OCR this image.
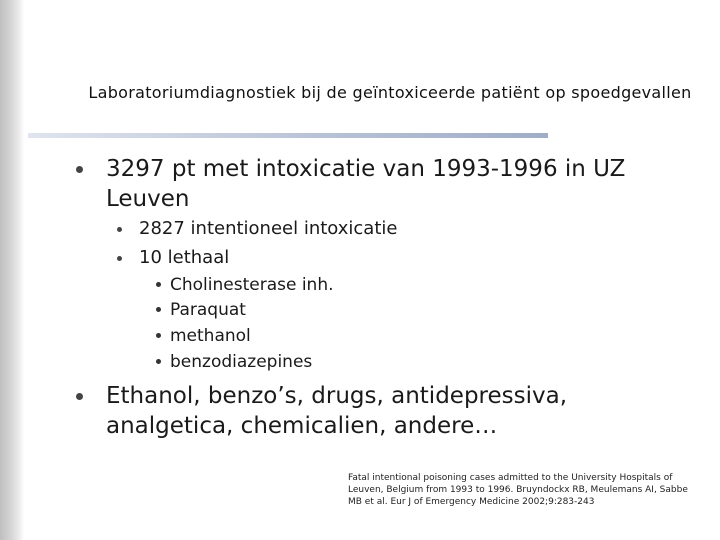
Laboratoriumdiagnostiek bij de geïntoxiceerde patiënt op spoedgevallen
3297 pt met intoxicatie van 1993-1996 in UZ Leuven
2827 intentioneel intoxicatie
10 lethaal
Cholinesterase inh.
Paraquat
methanol
benzodiazepines
Ethanol, benzo’s, drugs, antidepressiva, analgetica, chemicalien, andere…
Fatal intentional poisoning cases admitted to the University Hospitals of Leuven, Belgium from 1993 to 1996. Bruyndockx RB, Meulemans AI, Sabbe MB et al. Eur J of Emergency Medicine 2002;9:283-243
